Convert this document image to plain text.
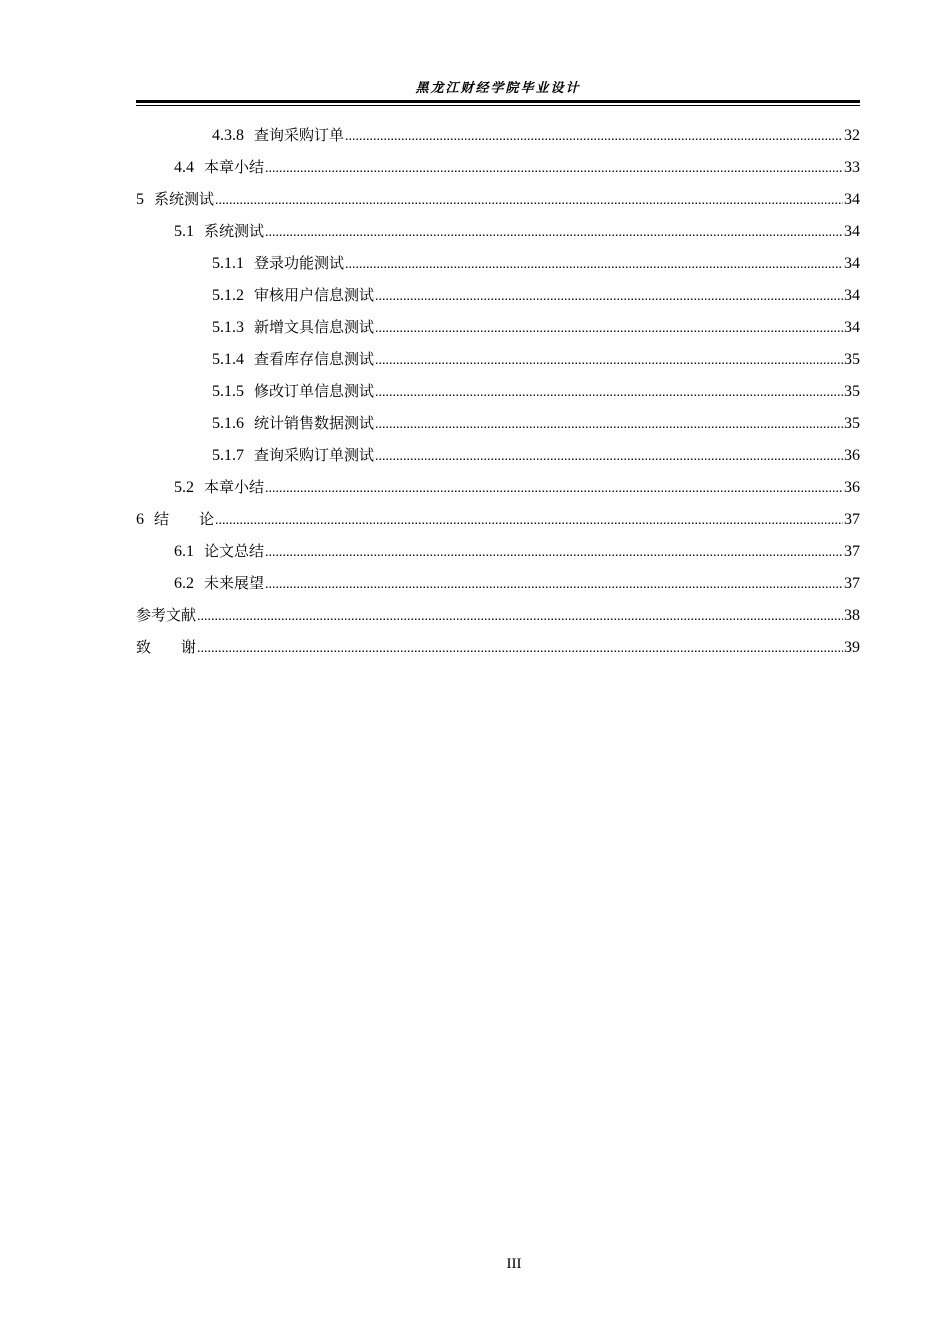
黑龙江财经学院毕业设计
4.3.8 查询采购订单 .....	32
4.4 本章小结 .....	33
5 系统测试 .....	34
5.1 系统测试 .....	34
5.1.1 登录功能测试 .....	34
5.1.2 审核用户信息测试 .....	34
5.1.3 新增文具信息测试 .....	34
5.1.4 查看库存信息测试 .....	35
5.1.5 修改订单信息测试 .....	35
5.1.6 统计销售数据测试 .....	35
5.1.7 查询采购订单测试 .....	36
5.2 本章小结 .....	36
6 结　　论 .....	37
6.1 论文总结 .....	37
6.2 未来展望 .....	37
参考文献 .....	38
致　　谢 .....	39
III
